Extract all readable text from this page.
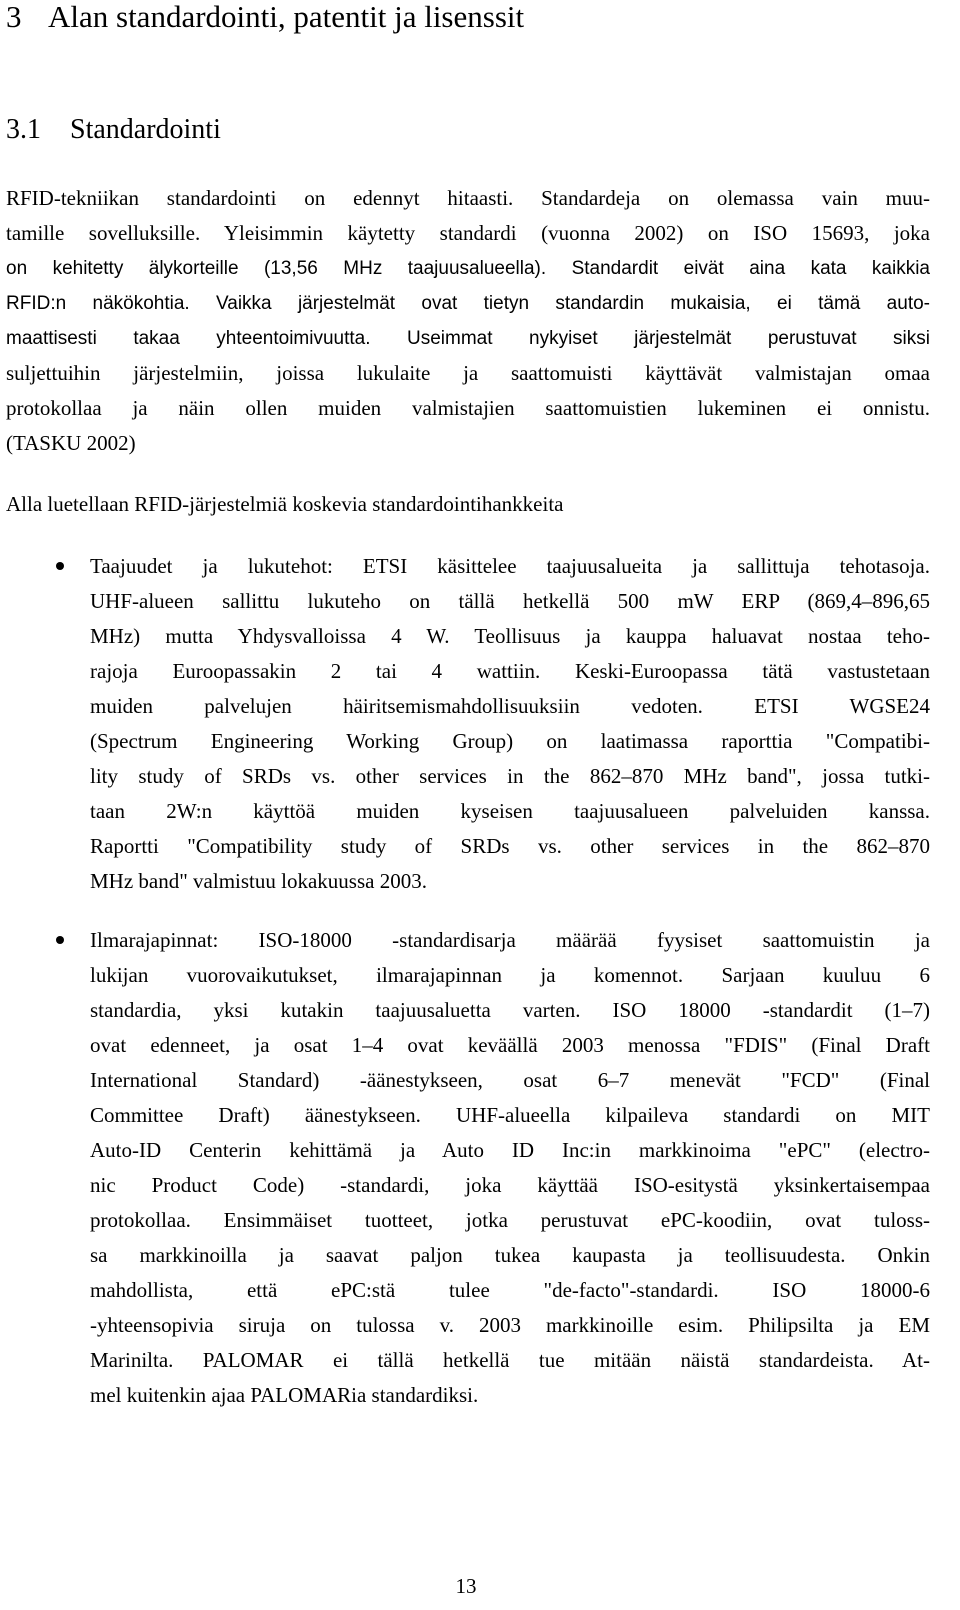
3 Alan standardointi, patentit ja lisenssit
3.1 Standardointi
RFID-tekniikan standardointi on edennyt hitaasti. Standardeja on olemassa vain muu-
tamille sovelluksille. Yleisimmin käytetty standardi (vuonna 2002) on ISO 15693, joka
on kehitetty älykorteille (13,56 MHz taajuusalueella). Standardit eivät aina kata kaikkia
RFID:n näkökohtia. Vaikka järjestelmät ovat tietyn standardin mukaisia, ei tämä auto-
maattisesti takaa yhteentoimivuutta. Useimmat nykyiset järjestelmät perustuvat siksi
suljettuihin järjestelmiin, joissa lukulaite ja saattomuisti käyttävät valmistajan omaa
protokollaa ja näin ollen muiden valmistajien saattomuistien lukeminen ei onnistu.
(TASKU 2002)
Alla luetellaan RFID-järjestelmiä koskevia standardointihankkeita
Taajuudet ja lukutehot: ETSI käsittelee taajuusalueita ja sallittuja tehotasoja.
UHF-alueen sallittu lukuteho on tällä hetkellä 500 mW ERP (869,4–896,65
MHz) mutta Yhdysvalloissa 4 W. Teollisuus ja kauppa haluavat nostaa teho-
rajoja Euroopassakin 2 tai 4 wattiin. Keski-Euroopassa tätä vastustetaan
muiden palvelujen häiritsemismahdollisuuksiin vedoten. ETSI WGSE24
(Spectrum Engineering Working Group) on laatimassa raporttia "Compatibi-
lity study of SRDs vs. other services in the 862–870 MHz band", jossa tutki-
taan 2W:n käyttöä muiden kyseisen taajuusalueen palveluiden kanssa.
Raportti "Compatibility study of SRDs vs. other services in the 862–870
MHz band" valmistuu lokakuussa 2003.
Ilmarajapinnat: ISO-18000 -standardisarja määrää fyysiset saattomuistin ja
lukijan vuorovaikutukset, ilmarajapinnan ja komennot. Sarjaan kuuluu 6
standardia, yksi kutakin taajuusaluetta varten. ISO 18000 -standardit (1–7)
ovat edenneet, ja osat 1–4 ovat keväällä 2003 menossa "FDIS" (Final Draft
International Standard) -äänestykseen, osat 6–7 menevät "FCD" (Final
Committee Draft) äänestykseen. UHF-alueella kilpaileva standardi on MIT
Auto-ID Centerin kehittämä ja Auto ID Inc:in markkinoima "ePC" (electro-
nic Product Code) -standardi, joka käyttää ISO-esitystä yksinkertaisempaa
protokollaa. Ensimmäiset tuotteet, jotka perustuvat ePC-koodiin, ovat tuloss-
sa markkinoilla ja saavat paljon tukea kaupasta ja teollisuudesta. Onkin
mahdollista, että ePC:stä tulee "de-facto"-standardi. ISO 18000-6
-yhteensopivia siruja on tulossa v. 2003 markkinoille esim. Philipsilta ja EM
Marinilta. PALOMAR ei tällä hetkellä tue mitään näistä standardeista. At-
mel kuitenkin ajaa PALOMARia standardiksi.
13
